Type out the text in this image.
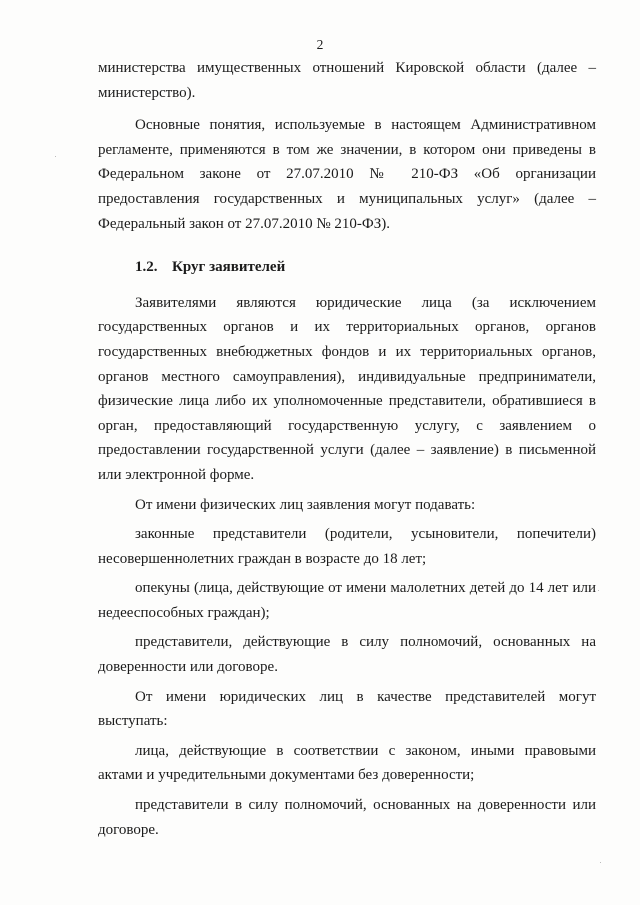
2

министерства имущественных отношений Кировской области (далее – министерство).

Основные понятия, используемые в настоящем Административном регламенте, применяются в том же значении, в котором они приведены в Федеральном законе от 27.07.2010 № 210-ФЗ «Об организации предоставления государственных и муниципальных услуг» (далее – Федеральный закон от 27.07.2010 № 210-ФЗ).

1.2. Круг заявителей

Заявителями являются юридические лица (за исключением государственных органов и их территориальных органов, органов государственных внебюджетных фондов и их территориальных органов, органов местного самоуправления), индивидуальные предприниматели, физические лица либо их уполномоченные представители, обратившиеся в орган, предоставляющий государственную услугу, с заявлением о предоставлении государственной услуги (далее – заявление) в письменной или электронной форме.

От имени физических лиц заявления могут подавать:

законные представители (родители, усыновители, попечители) несовершеннолетних граждан в возрасте до 18 лет;

опекуны (лица, действующие от имени малолетних детей до 14 лет или недееспособных граждан);

представители, действующие в силу полномочий, основанных на доверенности или договоре.

От имени юридических лиц в качестве представителей могут выступать:

лица, действующие в соответствии с законом, иными правовыми актами и учредительными документами без доверенности;

представители в силу полномочий, основанных на доверенности или договоре.
